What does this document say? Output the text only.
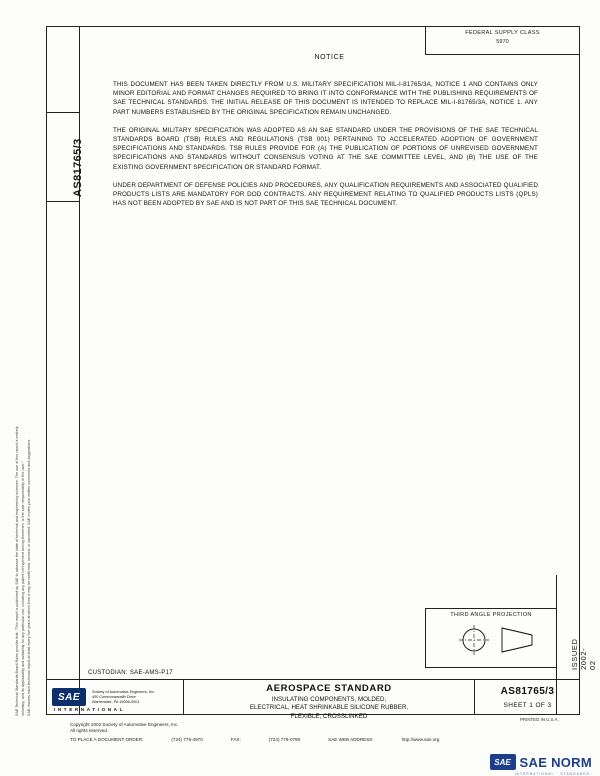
AS81765/3
SAE Technical Standards Board Rules provide that: "This report is published by SAE to advance the state of technical and engineering sciences. The use of this report is entirely voluntary, and its applicability and suitability for any particular use, including any patent infringement arising therefrom, is the sole responsibility of the user." SAE reviews each technical report at least every five years at which time it may be reaffirmed, revised, or cancelled. SAE invites your written comments and suggestions.
FEDERAL SUPPLY CLASS
5970
NOTICE

THIS DOCUMENT HAS BEEN TAKEN DIRECTLY FROM U.S. MILITARY SPECIFICATION MIL-I-81765/3A, NOTICE 1 AND CONTAINS ONLY MINOR EDITORIAL AND FORMAT CHANGES REQUIRED TO BRING IT INTO CONFORMANCE WITH THE PUBLISHING REQUIREMENTS OF SAE TECHNICAL STANDARDS. THE INITIAL RELEASE OF THIS DOCUMENT IS INTENDED TO REPLACE MIL-I-81765/3A, NOTICE 1. ANY PART NUMBERS ESTABLISHED BY THE ORIGINAL SPECIFICATION REMAIN UNCHANGED.

THE ORIGINAL MILITARY SPECIFICATION WAS ADOPTED AS AN SAE STANDARD UNDER THE PROVISIONS OF THE SAE TECHNICAL STANDARDS BOARD (TSB) RULES AND REGULATIONS (TSB 001) PERTAINING TO ACCELERATED ADOPTION OF GOVERNMENT SPECIFICATIONS AND STANDARDS. TSB RULES PROVIDE FOR (A) THE PUBLICATION OF PORTIONS OF UNREVISED GOVERNMENT SPECIFICATIONS AND STANDARDS WITHOUT CONSENSUS VOTING AT THE SAE COMMITTEE LEVEL, AND (B) THE USE OF THE EXISTING GOVERNMENT SPECIFICATION OR STANDARD FORMAT.

UNDER DEPARTMENT OF DEFENSE POLICIES AND PROCEDURES, ANY QUALIFICATION REQUIREMENTS AND ASSOCIATED QUALIFIED PRODUCTS LISTS ARE MANDATORY FOR DOD CONTRACTS. ANY REQUIREMENT RELATING TO QUALIFIED PRODUCTS LISTS (QPLS) HAS NOT BEEN ADOPTED BY SAE AND IS NOT PART OF THIS SAE TECHNICAL DOCUMENT.

ISSUED 2002-02
THIRD ANGLE PROJECTION
CUSTODIAN: SAE-AMS-P17
SAE	Society of Automotive Engineers, Inc.
400 Commonwealth Drive
Warrendale, PA 15096-0001
INTERNATIONAL
AEROSPACE STANDARD
INSULATING COMPONENTS, MOLDED,
ELECTRICAL, HEAT SHRINKABLE SILICONE RUBBER,
FLEXIBLE, CROSSLINKED
AS81765/3
SHEET 1 OF 3
Copyright 2002 Society of Automotive Engineers, Inc.
All rights reserved.
TO PLACE A DOCUMENT ORDER:	(724) 776-4970	FAX:	(724) 776-0790	SAE WEB ADDRESS:	http://www.sae.org
PRINTED IN U.S.A.
SAE SAE NORM
INTERNATIONAL · STANDARDS
